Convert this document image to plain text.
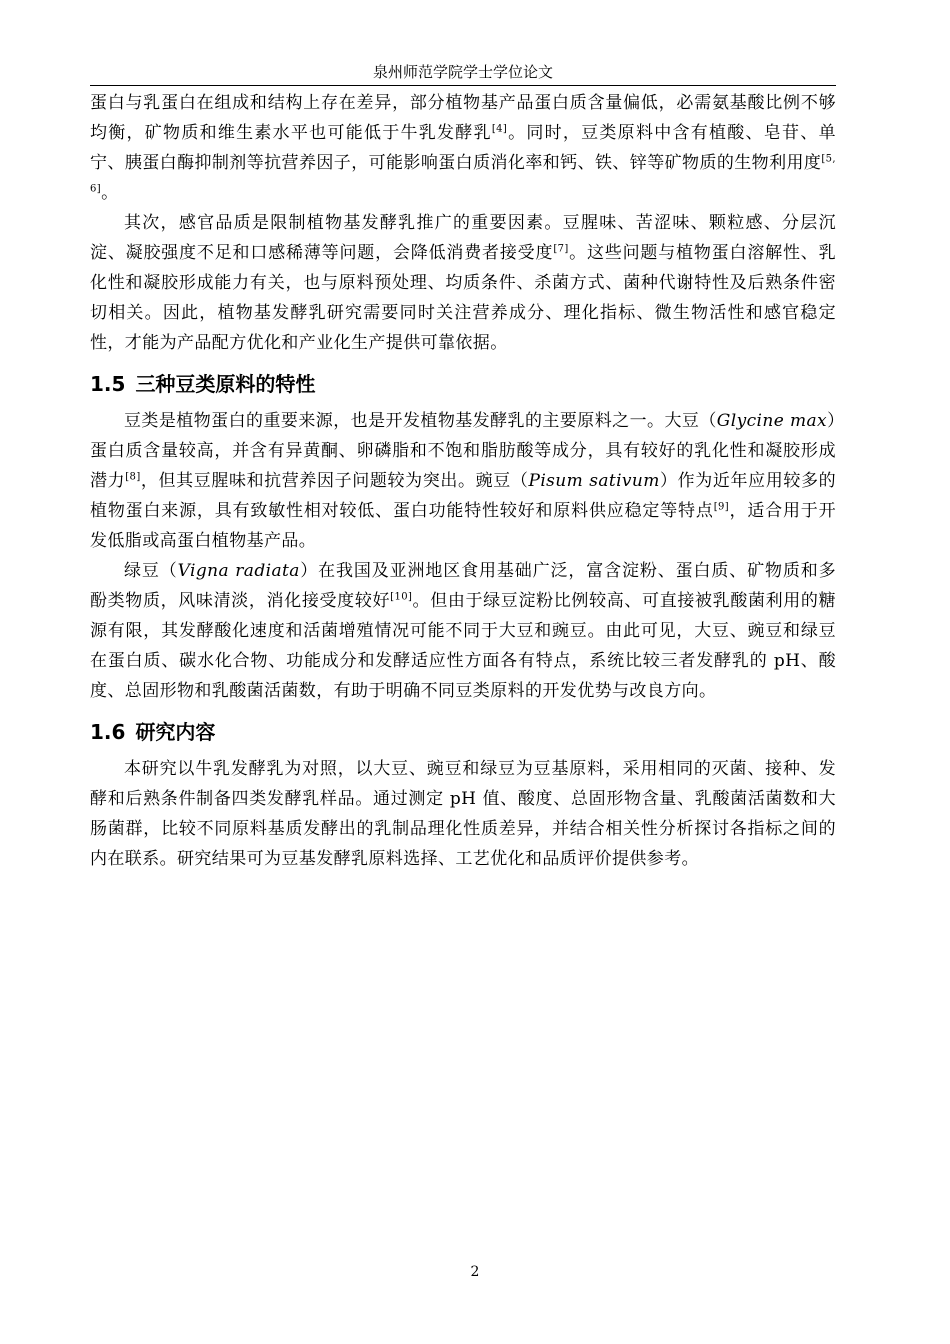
泉州师范学院学士学位论文

蛋白与乳蛋白在组成和结构上存在差异，部分植物基产品蛋白质含量偏低，必需氨基酸比例不够均衡，矿物质和维生素水平也可能低于牛乳发酵乳[4]。同时，豆类原料中含有植酸、皂苷、单宁、胰蛋白酶抑制剂等抗营养因子，可能影响蛋白质消化率和钙、铁、锌等矿物质的生物利用度[5, 6]。

其次，感官品质是限制植物基发酵乳推广的重要因素。豆腥味、苦涩味、颗粒感、分层沉淀、凝胶强度不足和口感稀薄等问题，会降低消费者接受度[7]。这些问题与植物蛋白溶解性、乳化性和凝胶形成能力有关，也与原料预处理、均质条件、杀菌方式、菌种代谢特性及后熟条件密切相关。因此，植物基发酵乳研究需要同时关注营养成分、理化指标、微生物活性和感官稳定性，才能为产品配方优化和产业化生产提供可靠依据。

1.5 三种豆类原料的特性

豆类是植物蛋白的重要来源，也是开发植物基发酵乳的主要原料之一。大豆（Glycine max）蛋白质含量较高，并含有异黄酮、卵磷脂和不饱和脂肪酸等成分，具有较好的乳化性和凝胶形成潜力[8]，但其豆腥味和抗营养因子问题较为突出。豌豆（Pisum sativum）作为近年应用较多的植物蛋白来源，具有致敏性相对较低、蛋白功能特性较好和原料供应稳定等特点[9]，适合用于开发低脂或高蛋白植物基产品。

绿豆（Vigna radiata）在我国及亚洲地区食用基础广泛，富含淀粉、蛋白质、矿物质和多酚类物质，风味清淡，消化接受度较好[10]。但由于绿豆淀粉比例较高、可直接被乳酸菌利用的糖源有限，其发酵酸化速度和活菌增殖情况可能不同于大豆和豌豆。由此可见，大豆、豌豆和绿豆在蛋白质、碳水化合物、功能成分和发酵适应性方面各有特点，系统比较三者发酵乳的 pH、酸度、总固形物和乳酸菌活菌数，有助于明确不同豆类原料的开发优势与改良方向。

1.6 研究内容

本研究以牛乳发酵乳为对照，以大豆、豌豆和绿豆为豆基原料，采用相同的灭菌、接种、发酵和后熟条件制备四类发酵乳样品。通过测定 pH 值、酸度、总固形物含量、乳酸菌活菌数和大肠菌群，比较不同原料基质发酵出的乳制品理化性质差异，并结合相关性分析探讨各指标之间的内在联系。研究结果可为豆基发酵乳原料选择、工艺优化和品质评价提供参考。

2
